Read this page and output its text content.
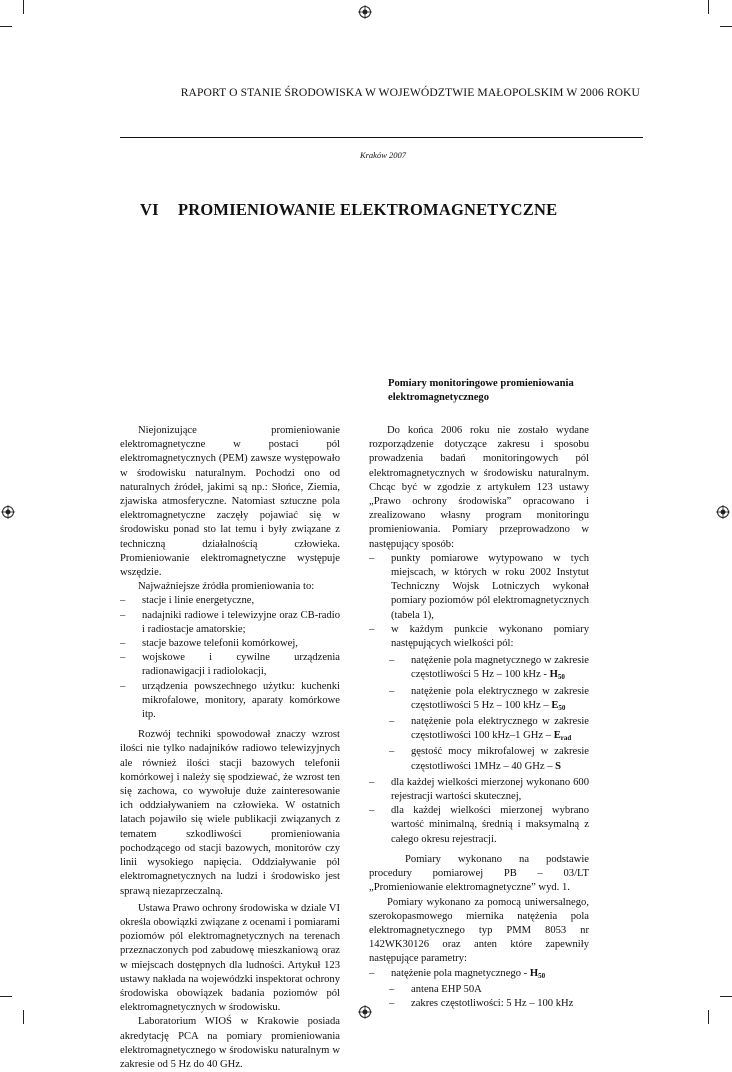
RAPORT O STANIE ŚRODOWISKA W WOJEWÓDZTWIE MAŁOPOLSKIM W 2006 ROKU
Kraków 2007
VI PROMIENIOWANIE ELEKTROMAGNETYCZNE
Pomiary monitoringowe promieniowania elektromagnetycznego

Niejonizujące promieniowanie elektromagnetyczne w postaci pól elektromagnetycznych (PEM) zawsze występowało w środowisku naturalnym. Pochodzi ono od naturalnych źródeł, jakimi są np.: Słońce, Ziemia, zjawiska atmosferyczne. Natomiast sztuczne pola elektromagnetyczne zaczęły pojawiać się w środowisku ponad sto lat temu i były związane z techniczną działalnością człowieka. Promieniowanie elektromagnetyczne występuje wszędzie.

Najważniejsze źródła promieniowania to:

– stacje i linie energetyczne,
– nadajniki radiowe i telewizyjne oraz CB-radio i radiostacje amatorskie;
– stacje bazowe telefonii komórkowej,
– wojskowe i cywilne urządzenia radionawigacji i radiolokacji,
– urządzenia powszechnego użytku: kuchenki mikrofalowe, monitory, aparaty komórkowe itp.

Rozwój techniki spowodował znaczy wzrost ilości nie tylko nadajników radiowo telewizyjnych ale również ilości stacji bazowych telefonii komórkowej i należy się spodziewać, że wzrost ten się zachowa, co wywołuje duże zainteresowanie ich oddziaływaniem na człowieka. W ostatnich latach pojawiło się wiele publikacji związanych z tematem szkodliwości promieniowania pochodzącego od stacji bazowych, monitorów czy linii wysokiego napięcia. Oddziaływanie pól elektromagnetycznych na ludzi i środowisko jest sprawą niezaprzeczalną.

Ustawa Prawo ochrony środowiska w dziale VI określa obowiązki związane z ocenami i pomiarami poziomów pól elektromagnetycznych na terenach przeznaczonych pod zabudowę mieszkaniową oraz w miejscach dostępnych dla ludności. Artykuł 123 ustawy nakłada na wojewódzki inspektorat ochrony środowiska obowiązek badania poziomów pól elektromagnetycznych w środowisku.

Laboratorium WIOŚ w Krakowie posiada akredytację PCA na pomiary promieniowania elektromagnetycznego w środowisku naturalnym w zakresie od 5 Hz do 40 GHz.

Do końca 2006 roku nie zostało wydane rozporządzenie dotyczące zakresu i sposobu prowadzenia badań monitoringowych pól elektromagnetycznych w środowisku naturalnym. Chcąc być w zgodzie z artykułem 123 ustawy „Prawo ochrony środowiska” opracowano i zrealizowano własny program monitoringu promieniowania. Pomiary przeprowadzono w następujący sposób:

– punkty pomiarowe wytypowano w tych miejscach, w których w roku 2002 Instytut Techniczny Wojsk Lotniczych wykonał pomiary poziomów pól elektromagnetycznych (tabela 1),
– w każdym punkcie wykonano pomiary następujących wielkości pól:
– natężenie pola magnetycznego w zakresie częstotliwości 5 Hz – 100 kHz - $H_{50}$
– natężenie pola elektrycznego w zakresie częstotliwości 5 Hz – 100 kHz – $E_{50}$
– natężenie pola elektrycznego w zakresie częstotliwości 100 kHz–1 GHz – $E_{rad}$
– gęstość mocy mikrofalowej w zakresie częstotliwości 1MHz – 40 GHz – S
– dla każdej wielkości mierzonej wykonano 600 rejestracji wartości skutecznej,
– dla każdej wielkości mierzonej wybrano wartość minimalną, średnią i maksymalną z całego okresu rejestracji.

Pomiary wykonano na podstawie procedury pomiarowej PB – 03/LT „Promieniowanie elektromagnetyczne” wyd. 1.

Pomiary wykonano za pomocą uniwersalnego, szerokopasmowego miernika natężenia pola elektromagnetycznego typ PMM 8053 nr 142WK30126 oraz anten które zapewniły następujące parametry:

– natężenie pola magnetycznego - $H_{50}$
– antena EHP 50A
– zakres częstotliwości: 5 Hz – 100 kHz
